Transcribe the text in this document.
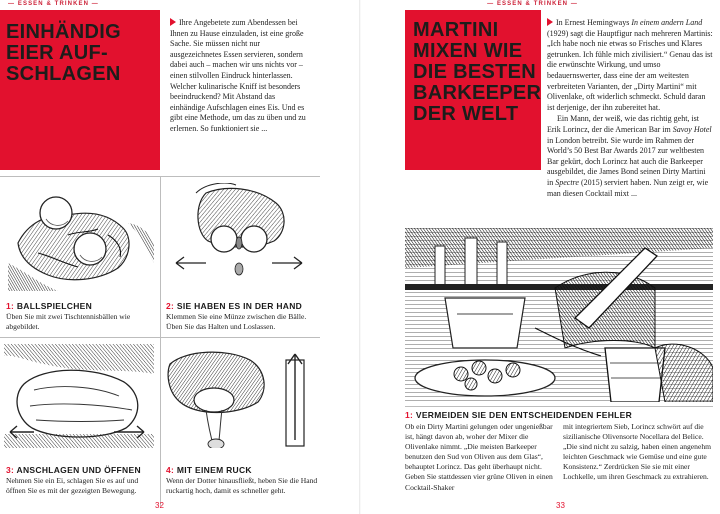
— ESSEN & TRINKEN —
EINHÄNDIG EIER AUF-SCHLAGEN
Ihre Angebetete zum Abendessen bei Ihnen zu Hause einzuladen, ist eine große Sache. Sie müssen nicht nur ausgezeichnetes Essen servieren, sondern dabei auch – machen wir uns nichts vor – einen stilvollen Eindruck hinterlassen. Welcher kulinarische Kniff ist besonders beeindruckend? Mit Abstand das einhändige Aufschlagen eines Eis. Und es gibt eine Methode, um das zu üben und zu erlernen. So funktioniert sie ...
1: BALLSPIELCHEN
Üben Sie mit zwei Tischtennisbällen wie abgebildet.
2: SIE HABEN ES IN DER HAND
Klemmen Sie eine Münze zwischen die Bälle. Üben Sie das Halten und Loslassen.
3: ANSCHLAGEN UND ÖFFNEN
Nehmen Sie ein Ei, schlagen Sie es auf und öffnen Sie es mit der gezeigten Bewegung.
4: MIT EINEM RUCK
Wenn der Dotter hinausfließt, heben Sie die Hand ruckartig hoch, damit es schneller geht.
32
— ESSEN & TRINKEN —
MARTINI MIXEN WIE DIE BESTEN BARKEEPER DER WELT

In Ernest Hemingways In einem andern Land (1929) sagt die Hauptfigur nach mehreren Martinis: „Ich habe noch nie etwas so Frisches und Klares getrunken. Ich fühle mich zivilisiert.“ Genau das ist die erwünschte Wirkung, und umso bedauernswerter, dass eine der am weitesten verbreiteten Varianten, der „Dirty Martini“ mit Olivenlake, oft widerlich schmeckt. Schuld daran ist derjenige, der ihn zubereitet hat.

Ein Mann, der weiß, wie das richtig geht, ist Erik Lorincz, der die American Bar im Savoy Hotel in London betreibt. Sie wurde im Rahmen der World’s 50 Best Bar Awards 2017 zur weltbesten Bar gekürt, doch Lorincz hat auch die Barkeeper ausgebildet, die James Bond seinen Dirty Martini in Spectre (2015) serviert haben. Nun zeigt er, wie man diesen Cocktail mixt ...

1: VERMEIDEN SIE DEN ENTSCHEIDENDEN FEHLER
Ob ein Dirty Martini gelungen oder ungenießbar ist, hängt davon ab, woher der Mixer die Olivenlake nimmt. „Die meisten Barkeeper benutzen den Sud von Oliven aus dem Glas“, behauptet Lorincz. Das geht überhaupt nicht. Geben Sie stattdessen vier grüne Oliven in einen Cocktail-Shaker
mit integriertem Sieb, Lorincz schwört auf die sizilianische Olivensorte Nocellara del Belice. „Die sind nicht zu salzig, haben einen angenehm leichten Geschmack wie Gemüse und eine gute Konsistenz.“ Zerdrücken Sie sie mit einer Lochkelle, um ihren Geschmack zu extrahieren.
33
